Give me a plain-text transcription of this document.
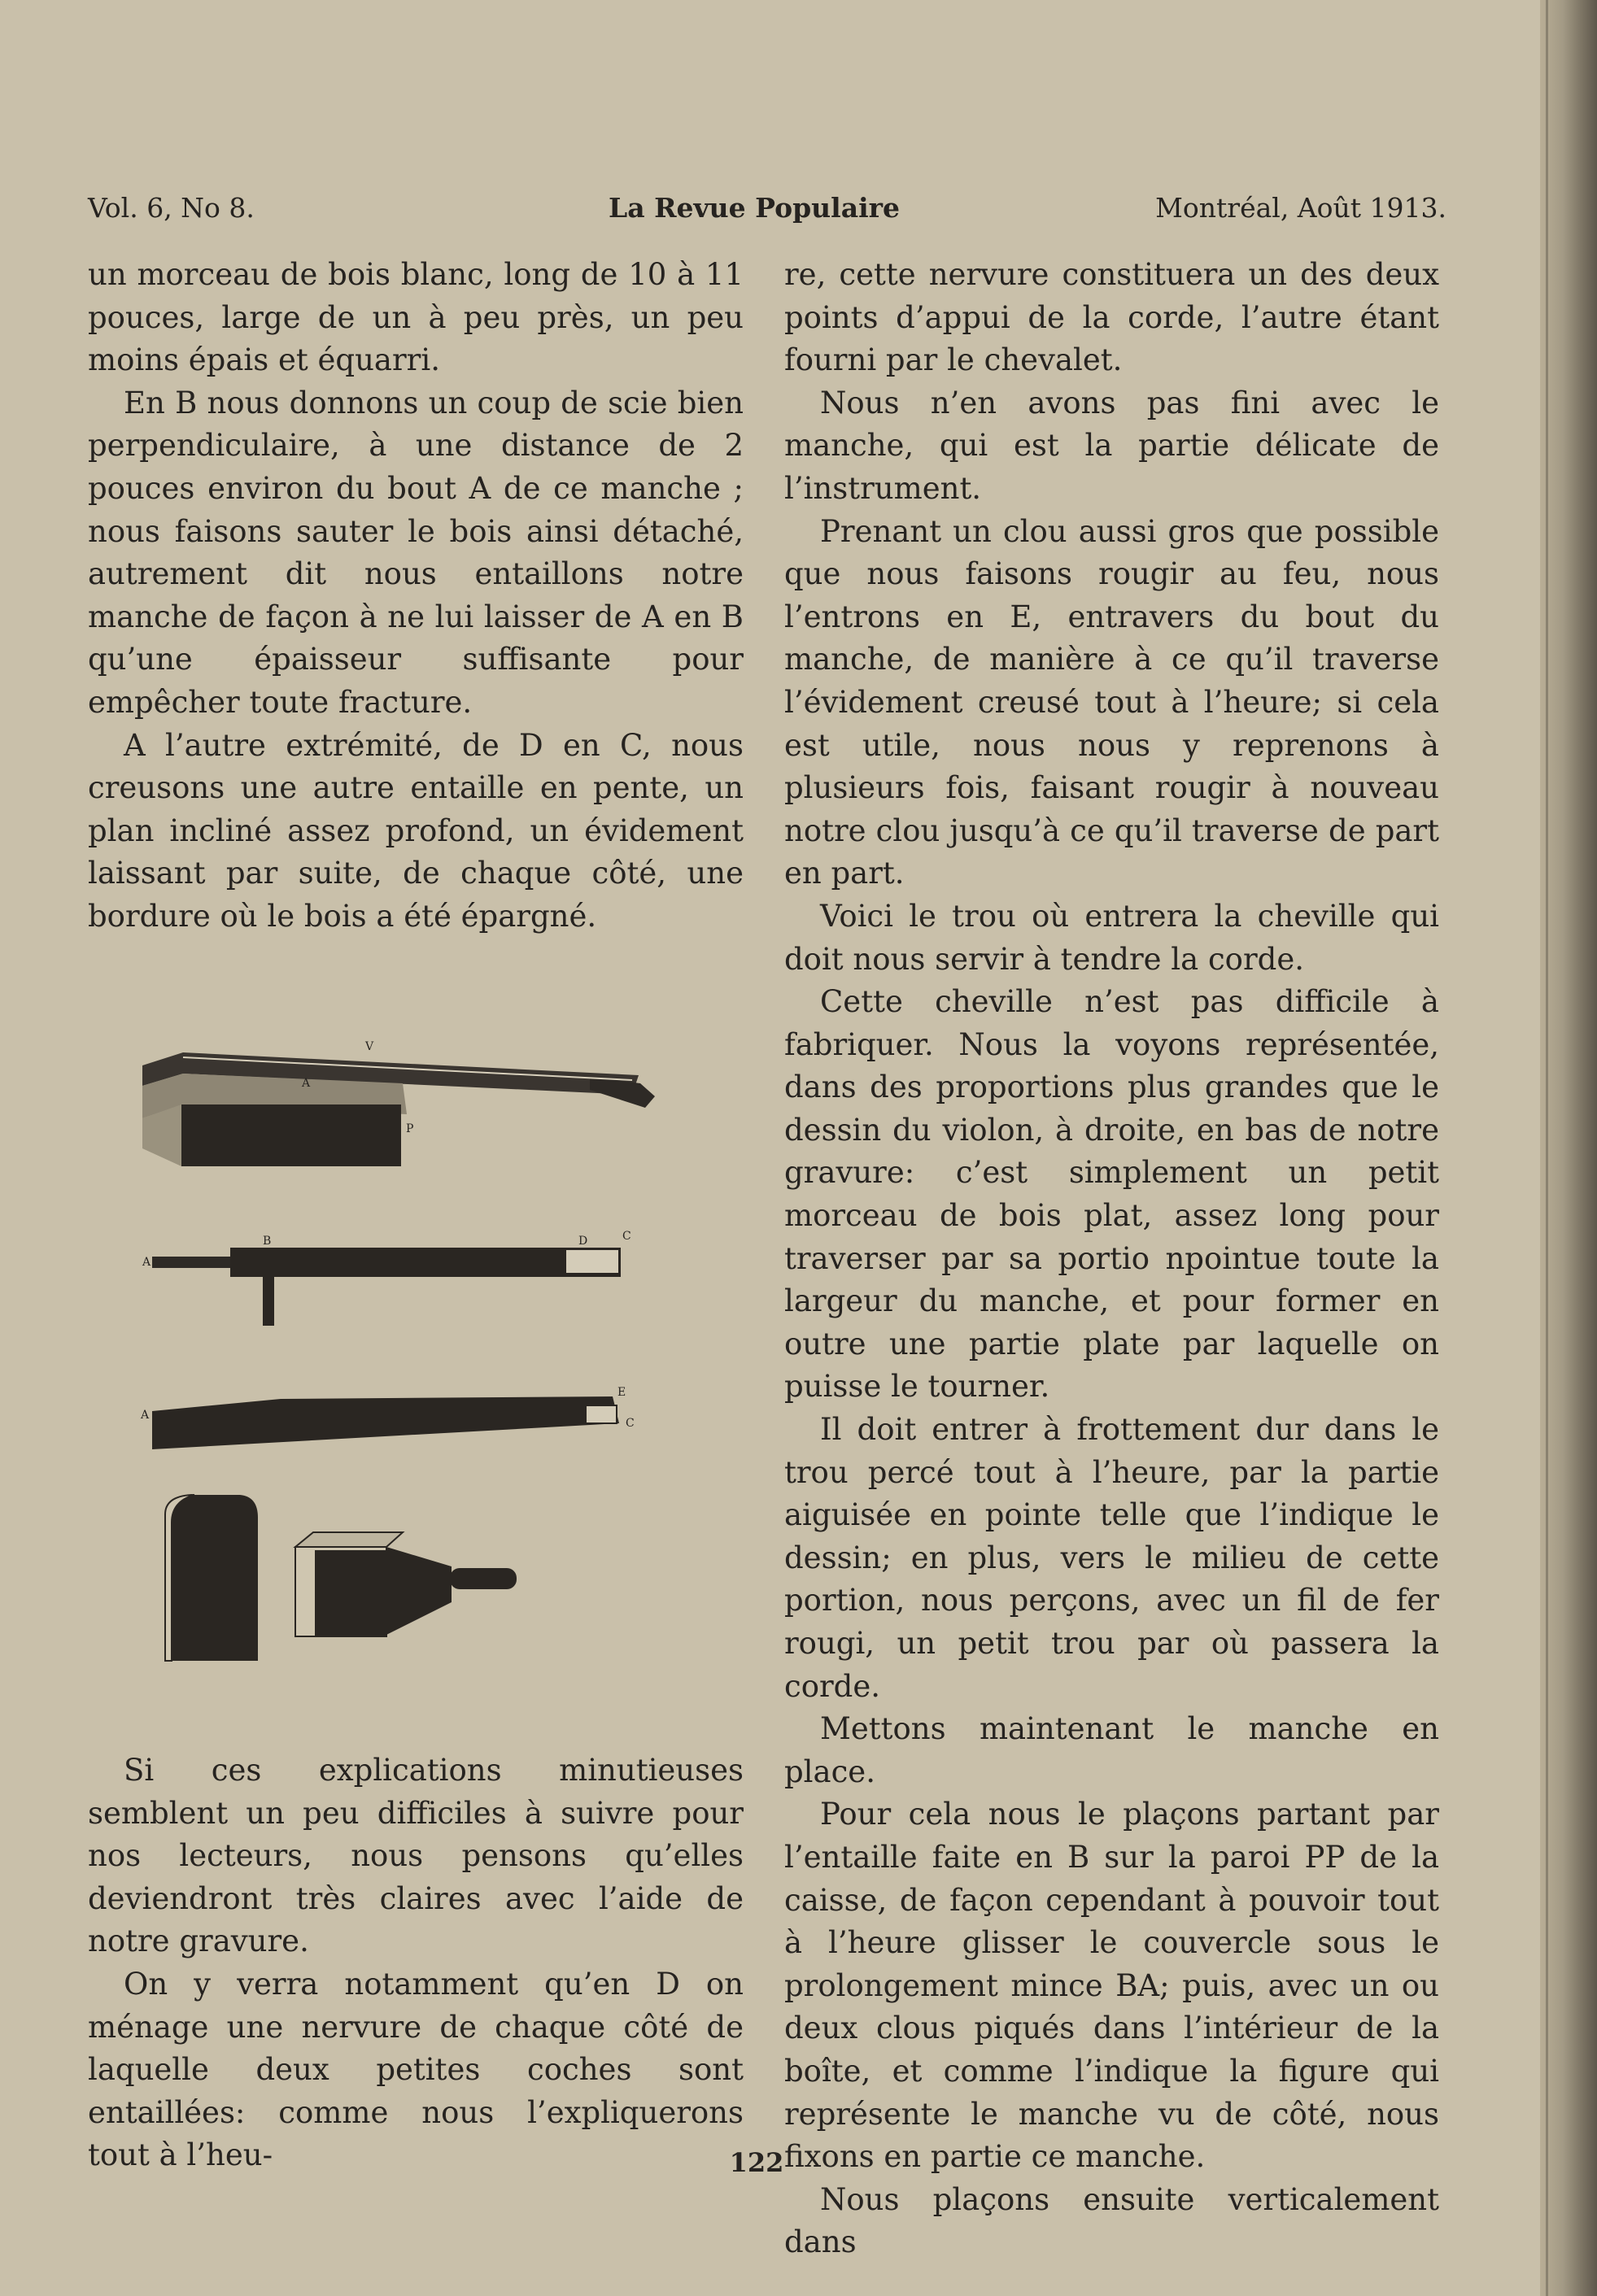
Vol. 6, No 8.	La Revue Populaire	Montréal, Août 1913.

un morceau de bois blanc, long de 10 à 11 pouces, large de un à peu près, un peu moins épais et équarri.

En B nous donnons un coup de scie bien perpendiculaire, à une distance de 2 pouces environ du bout A de ce manche ; nous faisons sauter le bois ainsi détaché, autrement dit nous entaillons notre manche de façon à ne lui laisser de A en B qu’une épaisseur suffisante pour empêcher toute fracture.

A l’autre extrémité, de D en C, nous creusons une autre entaille en pente, un plan incliné assez profond, un évidement laissant par suite, de chaque côté, une bordure où le bois a été épargné.

V
A
P
A
B	D	C
A
E
C

Si ces explications minutieuses semblent un peu difficiles à suivre pour nos lecteurs, nous pensons qu’elles deviendront très claires avec l’aide de notre gravure.

On y verra notamment qu’en D on ménage une nervure de chaque côté de laquelle deux petites coches sont entaillées: comme nous l’expliquerons tout à l’heu-

re, cette nervure constituera un des deux points d’appui de la corde, l’autre étant fourni par le chevalet.

Nous n’en avons pas fini avec le manche, qui est la partie délicate de l’instrument.

Prenant un clou aussi gros que possible que nous faisons rougir au feu, nous l’entrons en E, entravers du bout du manche, de manière à ce qu’il traverse l’évidement creusé tout à l’heure; si cela est utile, nous nous y reprenons à plusieurs fois, faisant rougir à nouveau notre clou jusqu’à ce qu’il traverse de part en part.

Voici le trou où entrera la cheville qui doit nous servir à tendre la corde.

Cette cheville n’est pas difficile à fabriquer. Nous la voyons représentée, dans des proportions plus grandes que le dessin du violon, à droite, en bas de notre gravure: c’est simplement un petit morceau de bois plat, assez long pour traverser par sa portio npointue toute la largeur du manche, et pour former en outre une partie plate par laquelle on puisse le tourner.

Il doit entrer à frottement dur dans le trou percé tout à l’heure, par la partie aiguisée en pointe telle que l’indique le dessin; en plus, vers le milieu de cette portion, nous perçons, avec un fil de fer rougi, un petit trou par où passera la corde.

Mettons maintenant le manche en place.

Pour cela nous le plaçons partant par l’entaille faite en B sur la paroi PP de la caisse, de façon cependant à pouvoir tout à l’heure glisser le couvercle sous le prolongement mince BA; puis, avec un ou deux clous piqués dans l’intérieur de la boîte, et comme l’indique la figure qui représente le manche vu de côté, nous fixons en partie ce manche.

Nous plaçons ensuite verticalement dans

122
